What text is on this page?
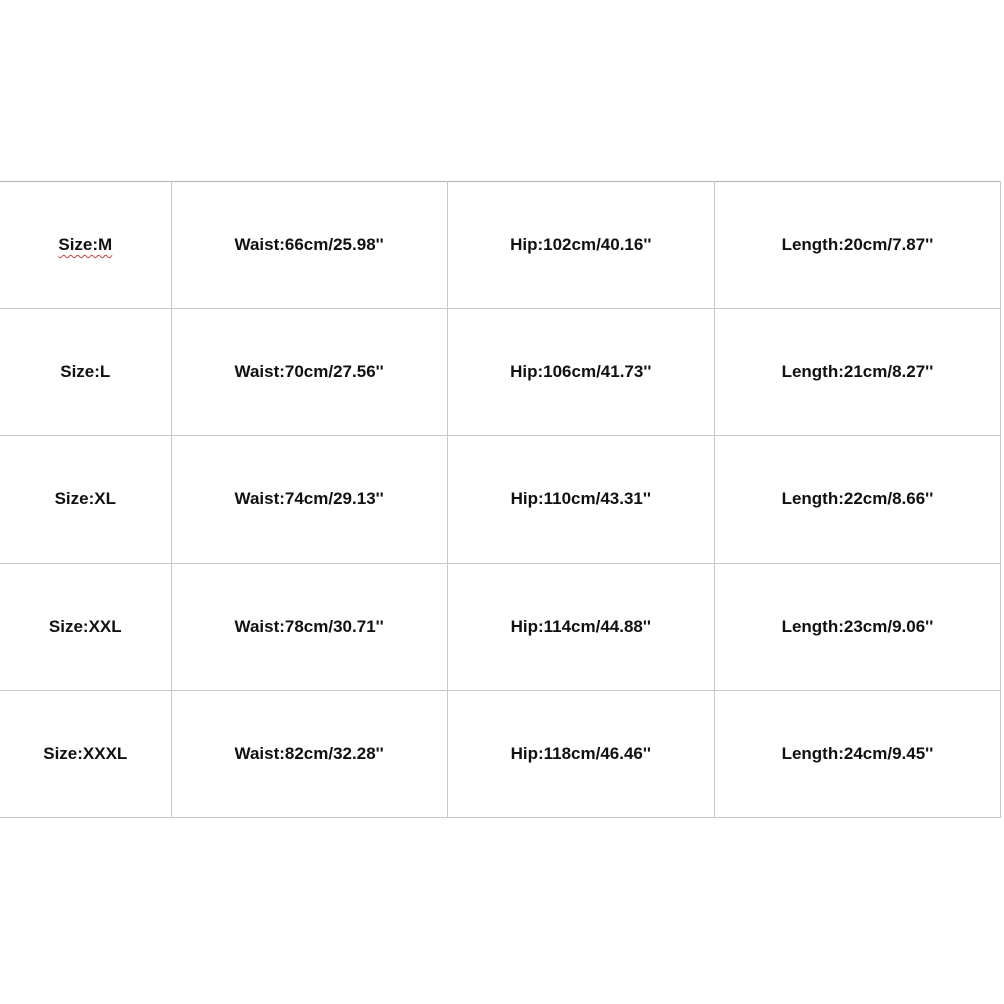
Size:M	Waist:66cm/25.98''	Hip:102cm/40.16''	Length:20cm/7.87''
Size:L	Waist:70cm/27.56''	Hip:106cm/41.73''	Length:21cm/8.27''
Size:XL	Waist:74cm/29.13''	Hip:110cm/43.31''	Length:22cm/8.66''
Size:XXL	Waist:78cm/30.71''	Hip:114cm/44.88''	Length:23cm/9.06''
Size:XXXL	Waist:82cm/32.28''	Hip:118cm/46.46''	Length:24cm/9.45''
